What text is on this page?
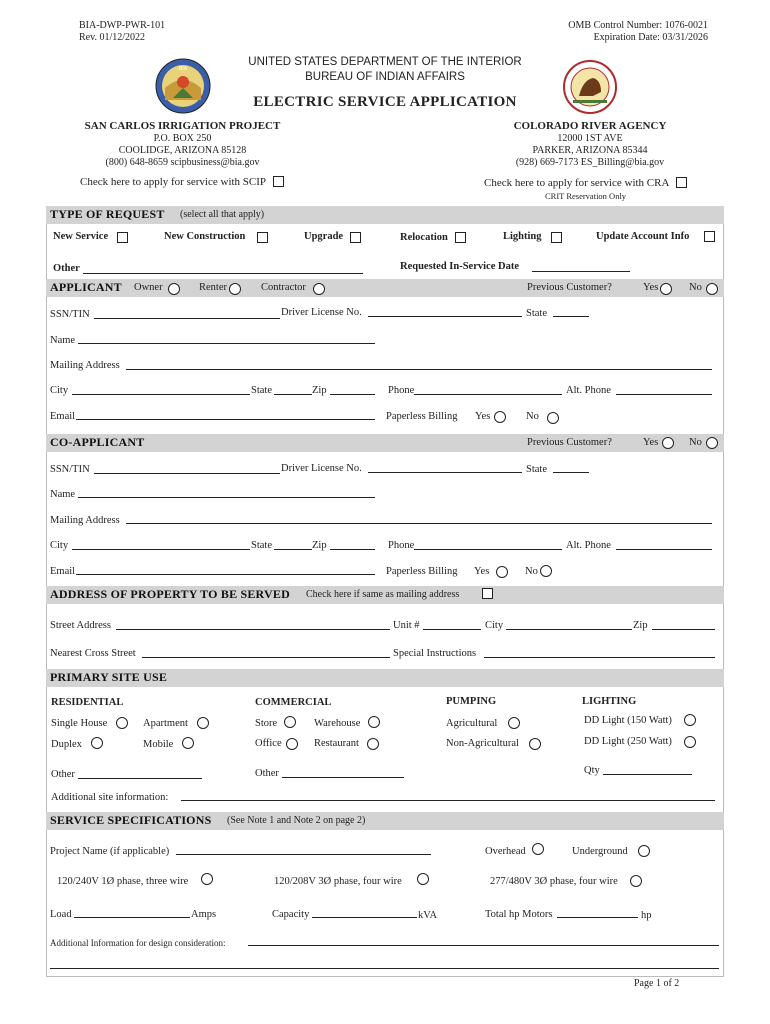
BIA-DWP-PWR-101
Rev. 01/12/2022
OMB Control Number: 1076-0021
Expiration Date: 03/31/2026
BIA
UNITED STATES DEPARTMENT OF THE INTERIOR
BUREAU OF INDIAN AFFAIRS
ELECTRIC SERVICE APPLICATION
SAN CARLOS IRRIGATION PROJECT
P.O. BOX 250
COOLIDGE, ARIZONA 85128
(800) 648-8659 scipbusiness@bia.gov
Check here to apply for service with SCIP
COLORADO RIVER AGENCY
12000 1ST AVE
PARKER, ARIZONA 85344
(928) 669-7173 ES_Billing@bia.gov
Check here to apply for service with CRA
CRIT Reservation Only
TYPE OF REQUEST (select all that apply)
New Service	New Construction	Upgrade	Relocation	Lighting	Update Account Info
Other	Requested In-Service Date
APPLICANT Owner	Renter	Contractor	Previous Customer?	Yes	No
SSN/TIN	Driver License No.	State
Name
Mailing Address
City	State	Zip	Phone	Alt. Phone
Email	Paperless Billing Yes	No
CO-APPLICANT	Previous Customer?	Yes	No
SSN/TIN	Driver License No.	State
Name
Mailing Address
City	State	Zip	Phone	Alt. Phone
Email	Paperless Billing Yes	No
ADDRESS OF PROPERTY TO BE SERVED Check here if same as mailing address
Street Address	Unit #	City	Zip
Nearest Cross Street	Special Instructions
PRIMARY SITE USE
RESIDENTIAL	COMMERCIAL	PUMPING	LIGHTING
Single House	Apartment	Store	Warehouse	Agricultural	DD Light (150 Watt)
Duplex	Mobile	Office	Restaurant	Non-Agricultural	DD Light (250 Watt)
Qty
Other	Other
Additional site information:
SERVICE SPECIFICATIONS (See Note 1 and Note 2 on page 2)
Project Name (if applicable)	Overhead	Underground
120/240V 1Ø phase, three wire	120/208V 3Ø phase, four wire	277/480V 3Ø phase, four wire
Load	Amps	Capacity	kVA	Total hp Motors	hp
Additional Information for design consideration:
Page 1 of 2
